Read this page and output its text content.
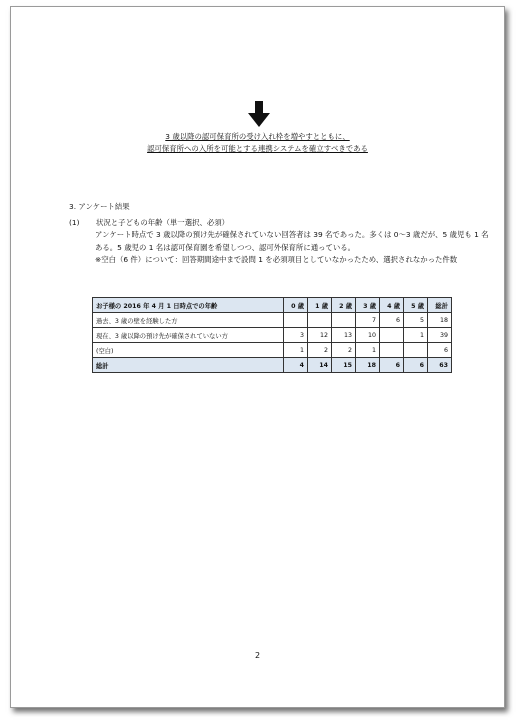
3 歳以降の認可保育所の受け入れ枠を増やすとともに、
認可保育所への入所を可能とする連携システムを確立すべきである
3. アンケート結果
(1) 状況と子どもの年齢（単一選択、必須）
アンケート時点で 3 歳以降の預け先が確保されていない回答者は 39 名であった。多くは 0〜3 歳だが、5 歳児も 1 名ある。5 歳児の 1 名は認可保育園を希望しつつ、認可外保育所に通っている。
※空白（6 件）について：回答期間途中まで設問 1 を必須項目としていなかったため、選択されなかった件数
お子様の 2016 年 4 月 1 日時点での年齢	0 歳	1 歳	2 歳	3 歳	4 歳	5 歳	総計
過去、3 歳の壁を経験した方				7	6	5	18
現在、3 歳以降の預け先が確保されていない方	3	12	13	10		1	39
(空白)	1	2	2	1			6
総計	4	14	15	18	6	6	63
2
